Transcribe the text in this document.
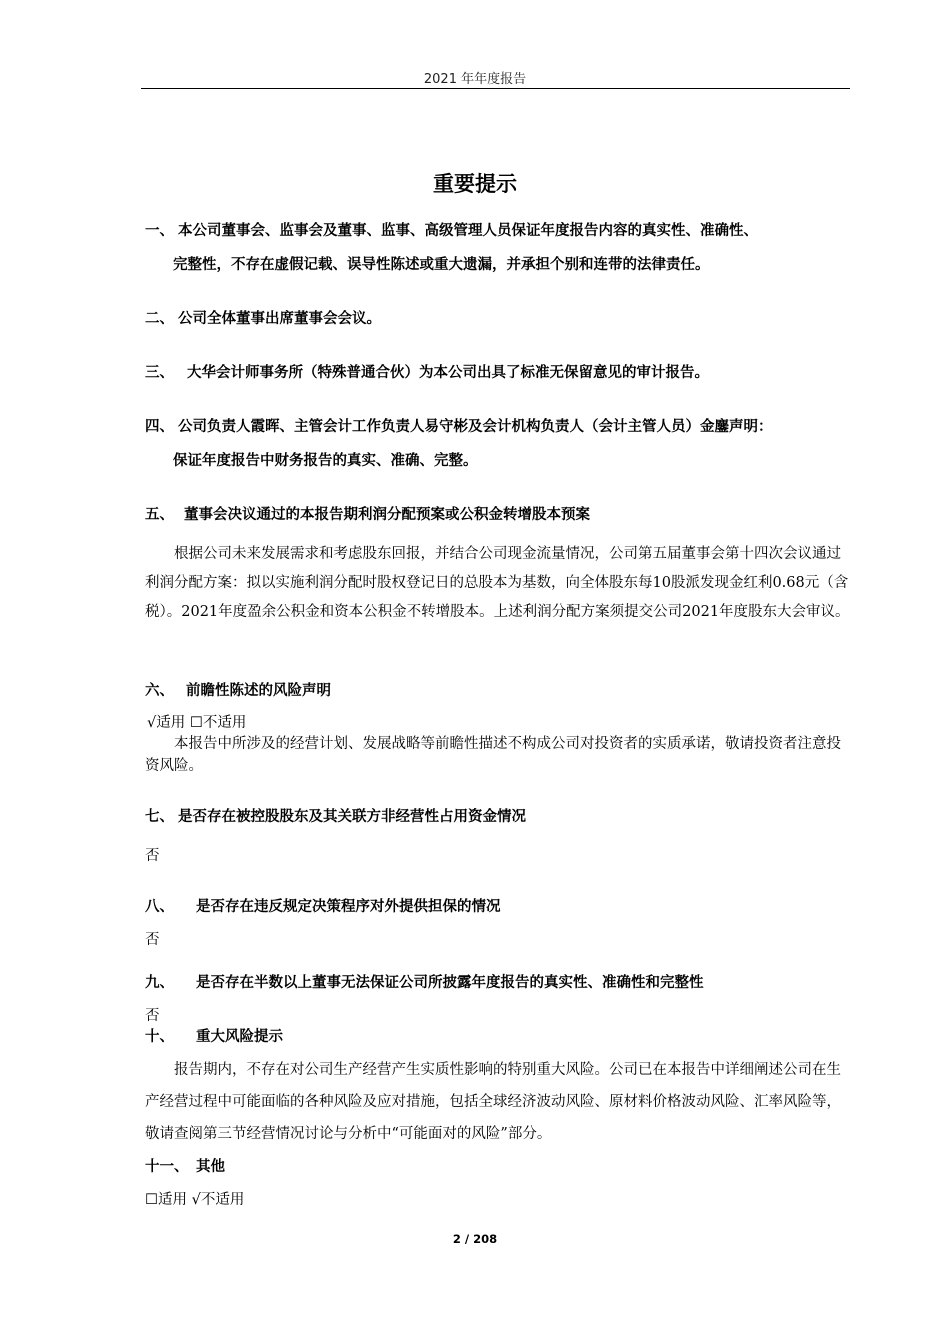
2021 年年度报告
重要提示
一、 本公司董事会、监事会及董事、监事、高级管理人员保证年度报告内容的真实性、准确性、
完整性，不存在虚假记载、误导性陈述或重大遗漏，并承担个别和连带的法律责任。
二、 公司全体董事出席董事会会议。
三、 大华会计师事务所（特殊普通合伙）为本公司出具了标准无保留意见的审计报告。
四、 公司负责人霞晖、主管会计工作负责人易守彬及会计机构负责人（会计主管人员）金鏖声明：
保证年度报告中财务报告的真实、准确、完整。
五、 董事会决议通过的本报告期利润分配预案或公积金转增股本预案
根据公司未来发展需求和考虑股东回报，并结合公司现金流量情况，公司第五届董事会第十四次会议通过利润分配方案：拟以实施利润分配时股权登记日的总股本为基数，向全体股东每10股派发现金红利0.68元（含税）。2021年度盈余公积金和资本公积金不转增股本。上述利润分配方案须提交公司2021年度股东大会审议。
六、 前瞻性陈述的风险声明
√适用 ☐不适用
本报告中所涉及的经营计划、发展战略等前瞻性描述不构成公司对投资者的实质承诺，敬请投资者注意投资风险。
七、 是否存在被控股股东及其关联方非经营性占用资金情况
否
八、 是否存在违反规定决策程序对外提供担保的情况
否
九、 是否存在半数以上董事无法保证公司所披露年度报告的真实性、准确性和完整性
否
十、 重大风险提示
报告期内，不存在对公司生产经营产生实质性影响的特别重大风险。公司已在本报告中详细阐述公司在生产经营过程中可能面临的各种风险及应对措施，包括全球经济波动风险、原材料价格波动风险、汇率风险等，敬请查阅第三节经营情况讨论与分析中“可能面对的风险”部分。
十一、 其他
☐适用 √不适用
2 / 208
